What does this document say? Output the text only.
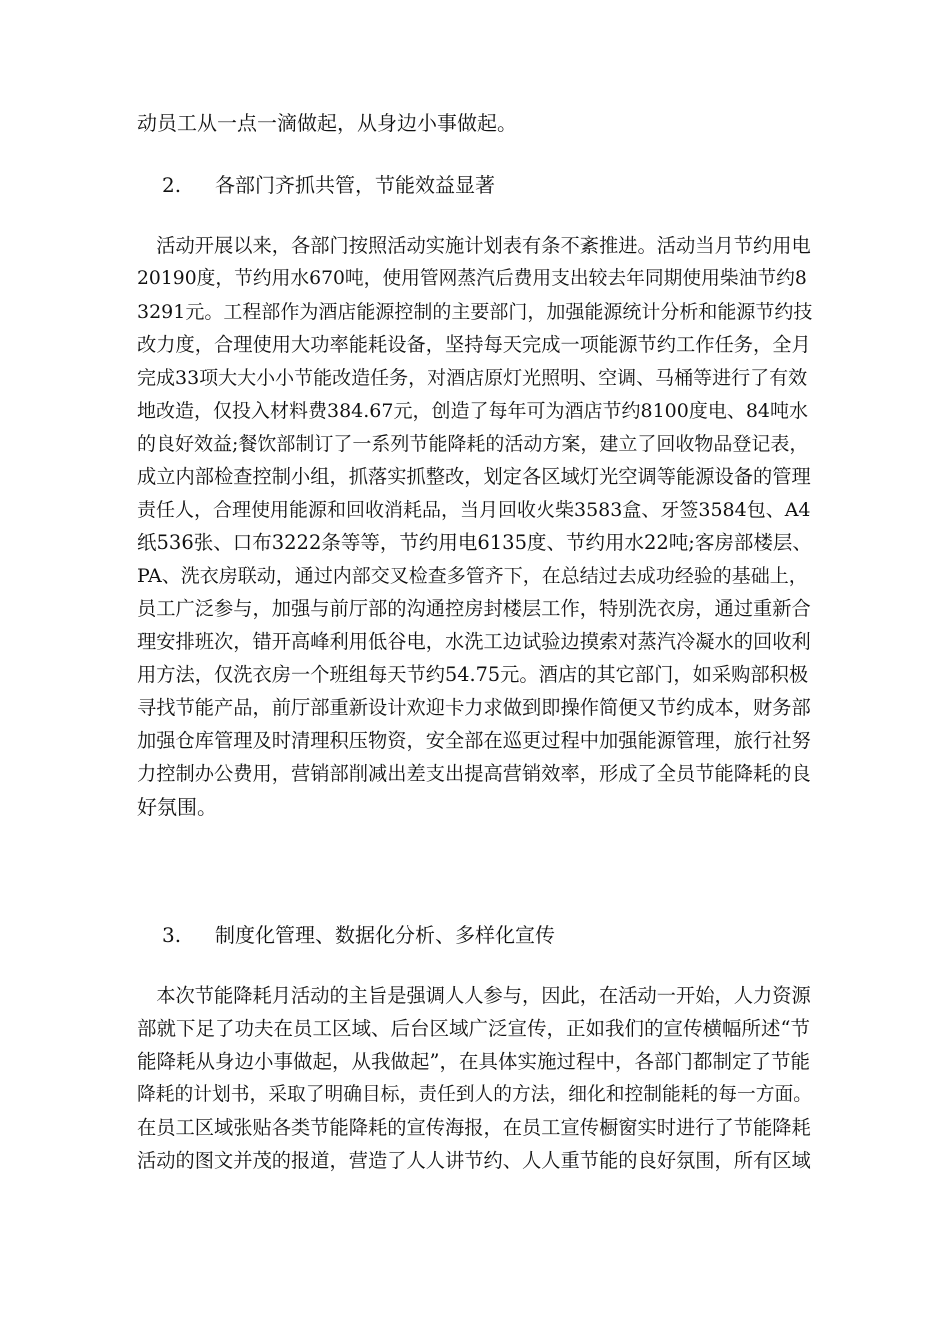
动员工从一点一滴做起，从身边小事做起。
2. 各部门齐抓共管，节能效益显著
　活动开展以来，各部门按照活动实施计划表有条不紊推进。活动当月节约用电
20190度，节约用水670吨，使用管网蒸汽后费用支出较去年同期使用柴油节约8
3291元。工程部作为酒店能源控制的主要部门，加强能源统计分析和能源节约技
改力度，合理使用大功率能耗设备，坚持每天完成一项能源节约工作任务，全月
完成33项大大小小节能改造任务，对酒店原灯光照明、空调、马桶等进行了有效
地改造，仅投入材料费384.67元，创造了每年可为酒店节约8100度电、84吨水
的良好效益;餐饮部制订了一系列节能降耗的活动方案，建立了回收物品登记表，
成立内部检查控制小组，抓落实抓整改，划定各区域灯光空调等能源设备的管理
责任人，合理使用能源和回收消耗品，当月回收火柴3583盒、牙签3584包、A4
纸536张、口布3222条等等，节约用电6135度、节约用水22吨;客房部楼层、
PA、洗衣房联动，通过内部交叉检查多管齐下，在总结过去成功经验的基础上，
员工广泛参与，加强与前厅部的沟通控房封楼层工作，特别洗衣房，通过重新合
理安排班次，错开高峰利用低谷电，水洗工边试验边摸索对蒸汽冷凝水的回收利
用方法，仅洗衣房一个班组每天节约54.75元。酒店的其它部门，如采购部积极
寻找节能产品，前厅部重新设计欢迎卡力求做到即操作简便又节约成本，财务部
加强仓库管理及时清理积压物资，安全部在巡更过程中加强能源管理，旅行社努
力控制办公费用，营销部削减出差支出提高营销效率，形成了全员节能降耗的良
好氛围。
3. 制度化管理、数据化分析、多样化宣传
　本次节能降耗月活动的主旨是强调人人参与，因此，在活动一开始，人力资源
部就下足了功夫在员工区域、后台区域广泛宣传，正如我们的宣传横幅所述“节
能降耗从身边小事做起，从我做起”，在具体实施过程中，各部门都制定了节能
降耗的计划书，采取了明确目标，责任到人的方法，细化和控制能耗的每一方面。
在员工区域张贴各类节能降耗的宣传海报，在员工宣传橱窗实时进行了节能降耗
活动的图文并茂的报道，营造了人人讲节约、人人重节能的良好氛围，所有区域
